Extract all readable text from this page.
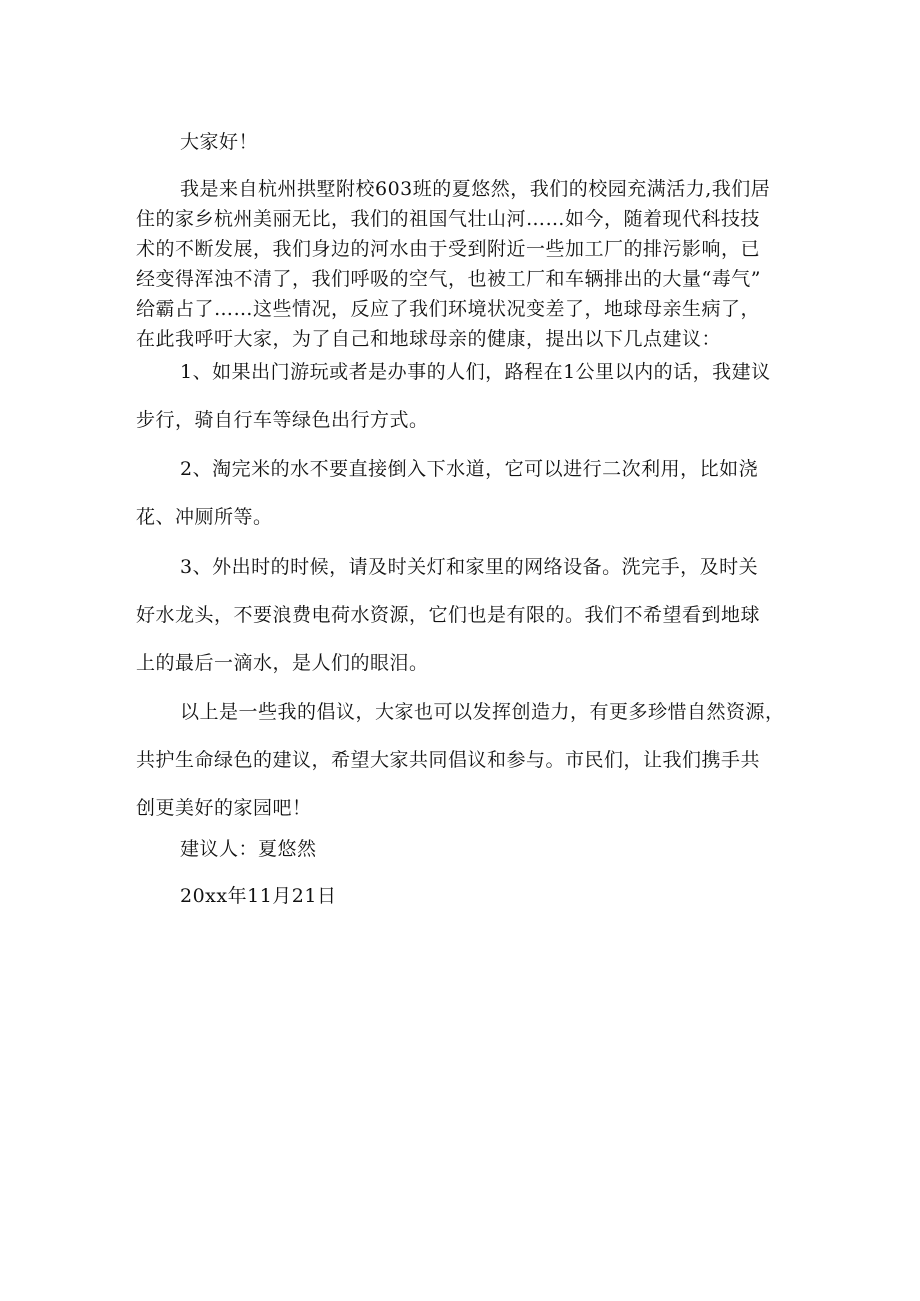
大家好！
我是来自杭州拱墅附校603班的夏悠然，我们的校园充满活力,我们居
住的家乡杭州美丽无比，我们的祖国气壮山河……如今，随着现代科技技
术的不断发展，我们身边的河水由于受到附近一些加工厂的排污影响，已
经变得浑浊不清了，我们呼吸的空气，也被工厂和车辆排出的大量“毒气”
给霸占了……这些情况，反应了我们环境状况变差了，地球母亲生病了，
在此我呼吁大家，为了自己和地球母亲的健康，提出以下几点建议：
1、如果出门游玩或者是办事的人们，路程在1公里以内的话，我建议
步行，骑自行车等绿色出行方式。
2、淘完米的水不要直接倒入下水道，它可以进行二次利用，比如浇
花、冲厕所等。
3、外出时的时候，请及时关灯和家里的网络设备。洗完手，及时关
好水龙头，不要浪费电荷水资源，它们也是有限的。我们不希望看到地球
上的最后一滴水，是人们的眼泪。
以上是一些我的倡议，大家也可以发挥创造力，有更多珍惜自然资源，
共护生命绿色的建议，希望大家共同倡议和参与。市民们，让我们携手共
创更美好的家园吧！
建议人：夏悠然
20xx年11月21日
